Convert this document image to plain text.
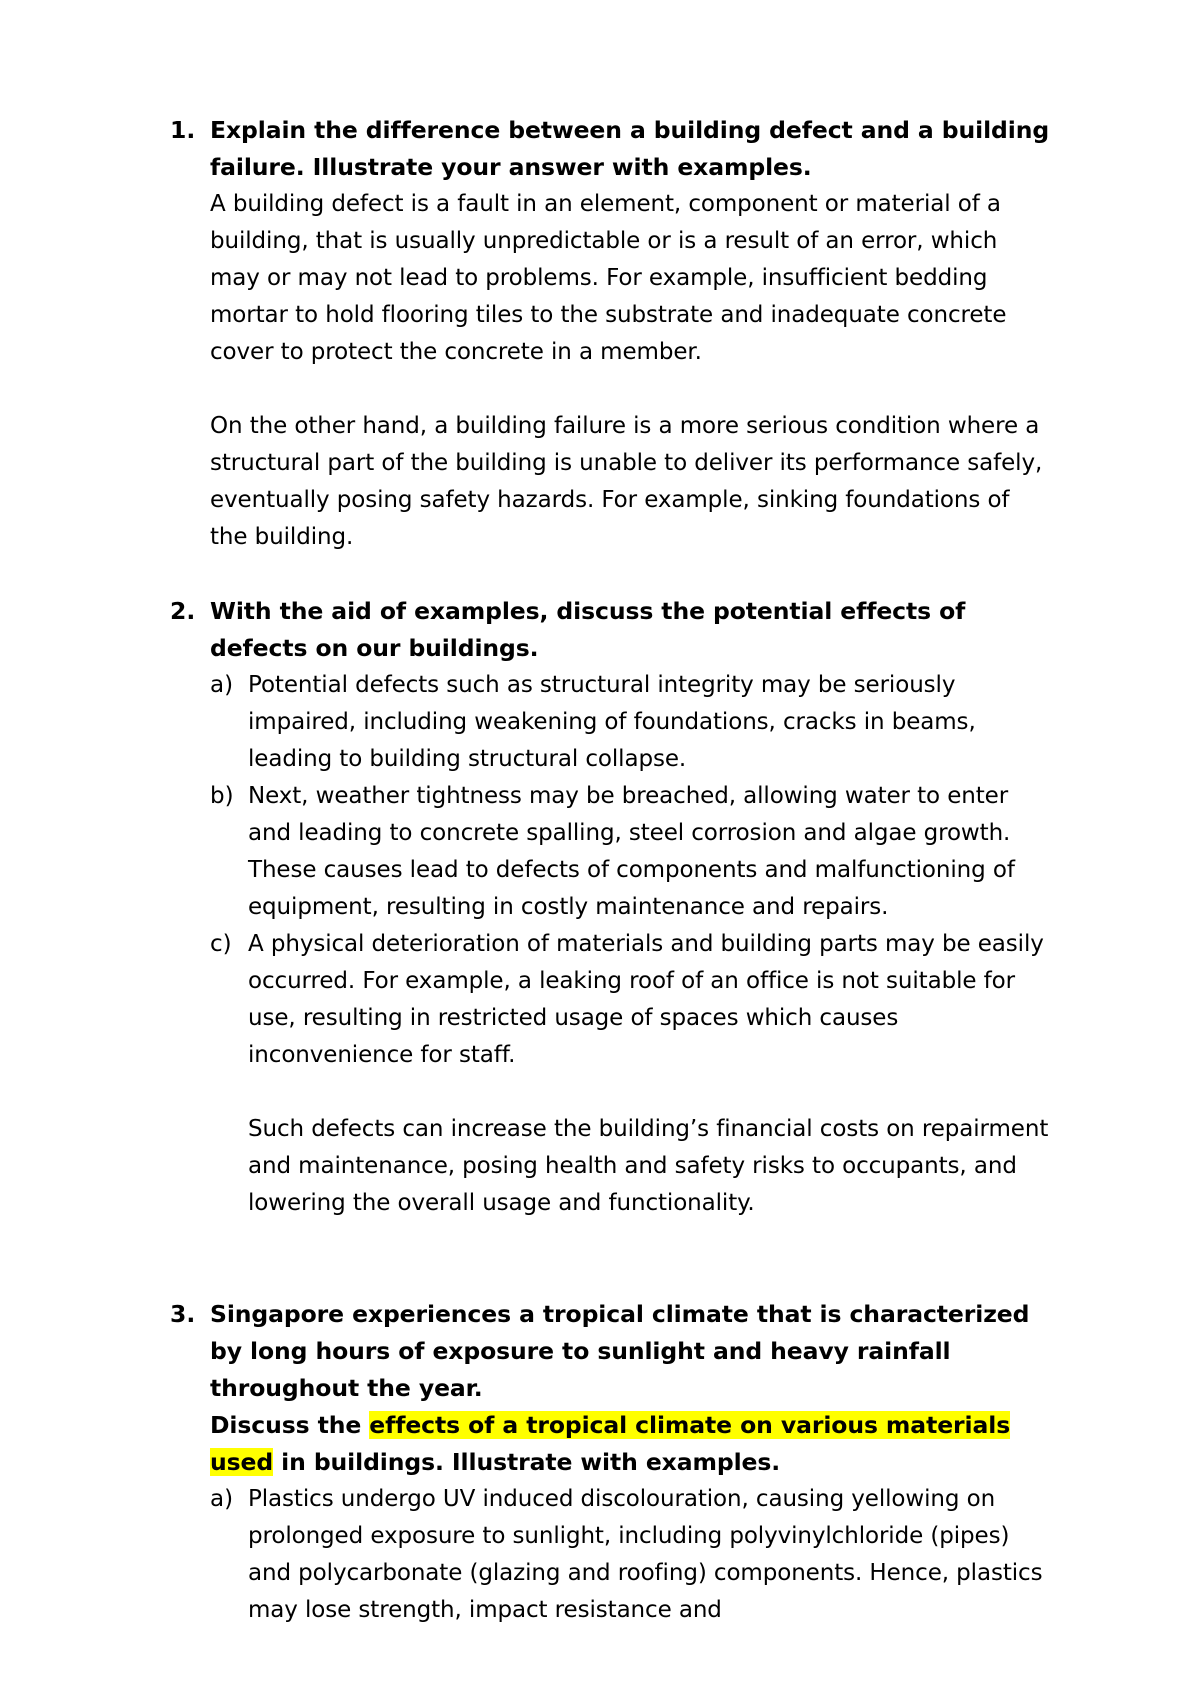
1. Explain the difference between a building defect and a building failure. Illustrate your answer with examples.
A building defect is a fault in an element, component or material of a building, that is usually unpredictable or is a result of an error, which may or may not lead to problems. For example, insufficient bedding mortar to hold flooring tiles to the substrate and inadequate concrete cover to protect the concrete in a member.
On the other hand, a building failure is a more serious condition where a structural part of the building is unable to deliver its performance safely, eventually posing safety hazards. For example, sinking foundations of the building.
2. With the aid of examples, discuss the potential effects of defects on our buildings.
a) Potential defects such as structural integrity may be seriously impaired, including weakening of foundations, cracks in beams, leading to building structural collapse.
b) Next, weather tightness may be breached, allowing water to enter and leading to concrete spalling, steel corrosion and algae growth. These causes lead to defects of components and malfunctioning of equipment, resulting in costly maintenance and repairs.
c) A physical deterioration of materials and building parts may be easily occurred. For example, a leaking roof of an office is not suitable for use, resulting in restricted usage of spaces which causes inconvenience for staff.
Such defects can increase the building’s financial costs on repairment and maintenance, posing health and safety risks to occupants, and lowering the overall usage and functionality.
3. Singapore experiences a tropical climate that is characterized by long hours of exposure to sunlight and heavy rainfall throughout the year.
Discuss the effects of a tropical climate on various materials used in buildings. Illustrate with examples.
a) Plastics undergo UV induced discolouration, causing yellowing on prolonged exposure to sunlight, including polyvinylchloride (pipes) and polycarbonate (glazing and roofing) components. Hence, plastics may lose strength, impact resistance and
